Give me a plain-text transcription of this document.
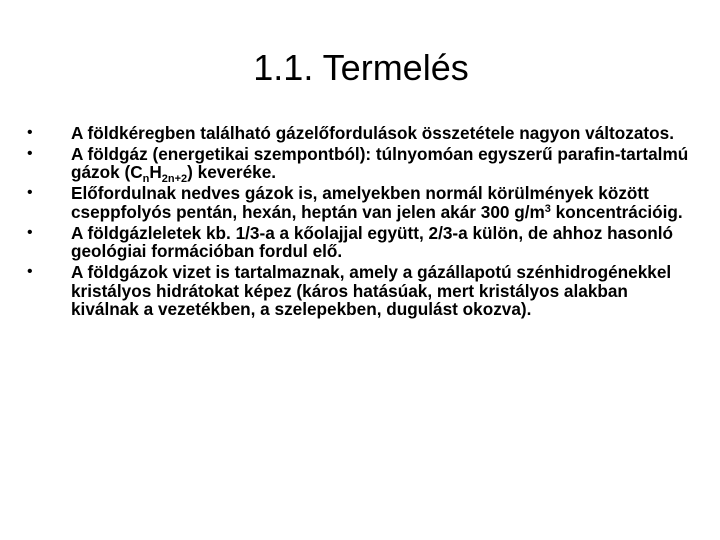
1.1. Termelés
• A földkéregben található gázelőfordulások összetétele nagyon változatos.
• A földgáz (energetikai szempontból): túlnyomóan egyszerű parafin-tartalmú gázok $(C_nH_{2n+2})$ keveréke.
• Előfordulnak nedves gázok is, amelyekben normál körülmények között cseppfolyós pentán, hexán, heptán van jelen akár 300 $g/m^3$ koncentrációig.
• A földgázleletek kb. 1/3-a a kőolajjal együtt, 2/3-a külön, de ahhoz hasonló geológiai formációban fordul elő.
• A földgázok vizet is tartalmaznak, amely a gázállapotú szénhidrogénekkel kristályos hidrátokat képez (káros hatásúak, mert kristályos alakban kiválnak a vezetékben, a szelepekben, dugulást okozva).
